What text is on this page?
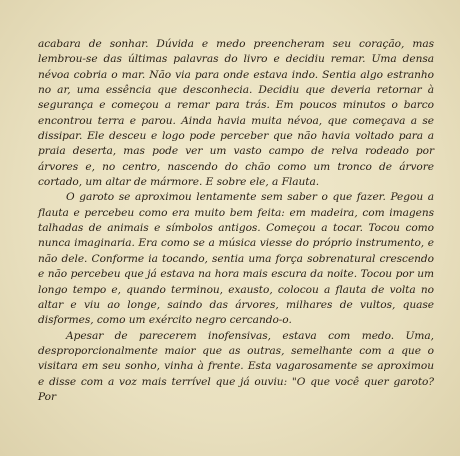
acabara de sonhar. Dúvida e medo preencheram seu coração, mas lembrou-se das últimas palavras do livro e decidiu remar. Uma densa névoa cobria o mar. Não via para onde estava indo. Sentia algo estranho no ar, uma essência que desconhecia. Decidiu que deveria retornar à segurança e começou a remar para trás. Em poucos minutos o barco encontrou terra e parou. Ainda havia muita névoa, que começava a se dissipar. Ele desceu e logo pode perceber que não havia voltado para a praia deserta, mas pode ver um vasto campo de relva rodeado por árvores e, no centro, nascendo do chão como um tronco de árvore cortado, um altar de mármore. E sobre ele, a Flauta.

O garoto se aproximou lentamente sem saber o que fazer. Pegou a flauta e percebeu como era muito bem feita: em madeira, com imagens talhadas de animais e símbolos antigos. Começou a tocar. Tocou como nunca imaginaria. Era como se a música viesse do próprio instrumento, e não dele. Conforme ia tocando, sentia uma força sobrenatural crescendo e não percebeu que já estava na hora mais escura da noite. Tocou por um longo tempo e, quando terminou, exausto, colocou a flauta de volta no altar e viu ao longe, saindo das árvores, milhares de vultos, quase disformes, como um exército negro cercando-o.

Apesar de parecerem inofensivas, estava com medo. Uma, desproporcionalmente maior que as outras, semelhante com a que o visitara em seu sonho, vinha à frente. Esta vagarosamente se aproximou e disse com a voz mais terrível que já ouviu: "O que você quer garoto? Por
